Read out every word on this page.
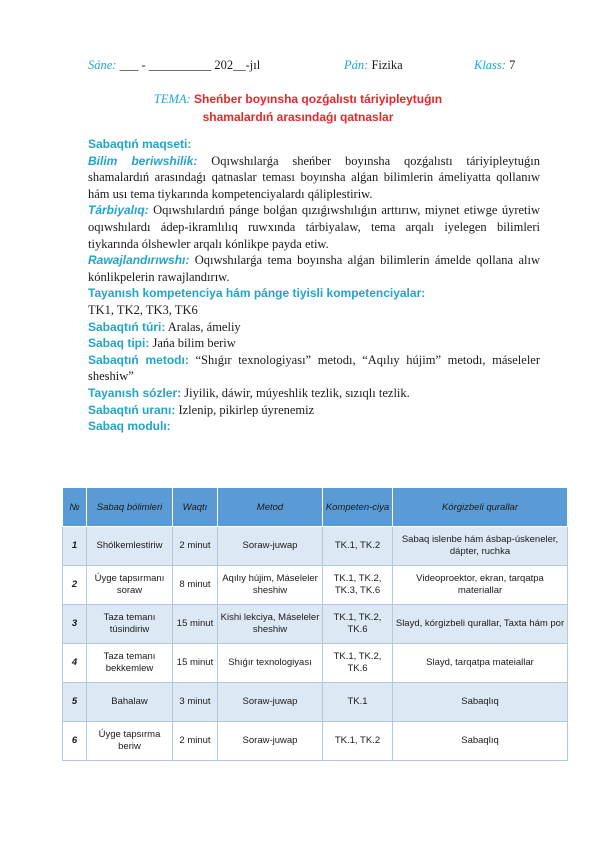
Sáne: ___ - __________ 202__-jıl	Pán: Fizika	Klass: 7
TEMA: Sheńber boyınsha qozǵalıstı táriyipleytuǵın
shamalardıń arasındaǵı qatnaslar

Sabaqtıń maqseti:

Bilim beriwshilik: Oqıwshılarǵa sheńber boyınsha qozǵalıstı táriyipleytuǵın shamalardıń arasındaǵı qatnaslar teması boyınsha alǵan bilimlerin ámeliyatta qollanıw hám usı tema tiykarında kompetenciyalardı qáliplestiriw.

Tárbiyalıq: Oqıwshılardıń pánge bolǵan qızıǵıwshılıǵın arttırıw, miynet etiwge úyretiw oqıwshılardı ádep-ikramlılıq ruwxında tárbiyalaw, tema arqalı iyelegen bilimleri tiykarında ólshewler arqalı kónlikpe payda etiw.

Rawajlandırıwshı: Oqıwshılarǵa tema boyınsha alǵan bilimlerin ámelde qollana alıw kónlikpelerin rawajlandırıw.

Tayanısh kompetenciya hám pánge tiyisli kompetenciyalar:

TK1, TK2, TK3, TK6

Sabaqtıń túri: Aralas, ámeliy

Sabaq tipi: Jańa bilim beriw

Sabaqtıń metodı: “Shıǵır texnologiyası” metodı, “Aqılıy hújim” metodı, máseleler sheshiw”

Tayanısh sózler: Jiyilik, dáwir, múyeshlik tezlik, sızıqlı tezlik.

Sabaqtıń uranı: Izlenip, pikirlep úyrenemiz

Sabaq modulı:

№	Sabaq bólimleri	Waqtı	Metod	Kompeten-ciya	Kórgizbeli qurallar
1	Shólkemlestiriw	2 minut	Soraw-juwap	TK.1, TK.2	Sabaq islenbe hám ásbap-úskeneler, dápter, ruchka
2	Úyge tapsırmanı soraw	8 minut	Aqılıy hújim, Máseleler sheshiw	TK.1, TK.2, TK.3, TK.6	Videoproektor, ekran, tarqatpa materiallar
3	Taza temanı túsindiriw	15 minut	Kishi lekciya, Máseleler sheshiw	TK.1, TK.2, TK.6	Slayd, kórgizbeli qurallar, Taxta hám por
4	Taza temanı bekkemlew	15 minut	Shıǵır texnologiyası	TK.1, TK.2, TK.6	Slayd, tarqatpa mateiallar
5	Bahalaw	3 minut	Soraw-juwap	TK.1	Sabaqlıq
6	Úyge tapsırma beriw	2 minut	Soraw-juwap	TK.1, TK.2	Sabaqlıq
